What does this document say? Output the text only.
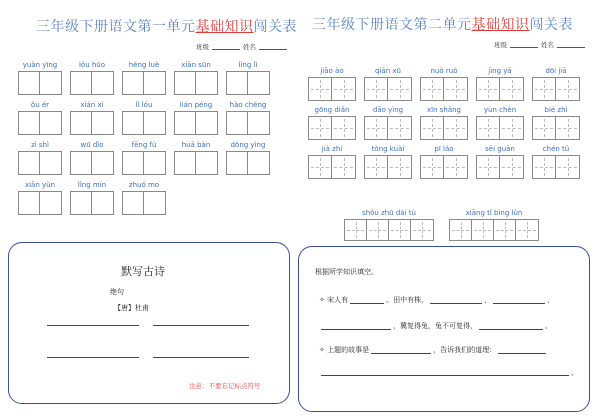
三年级下册语文第一单元基础知识闯关表
班级	姓名
yuàn yīng	lóu hūo	héng luè	xiān sūn	lìng lì
ǒu ér	xián xì	lǐ lóu	lián péng	hào chéng
zì shì	wū dǐo	fēng fù	huā bàn	dōng yìng
xiān yùn	lǐng mín	zhuó mo
三年级下册语文第二单元基础知识闯关表
班级	姓名
jiāo ào	qiān xū	nuò ruò	jìng yā	dōi jiā
gōng diǎn	dāo yìng	xīn shǎng	yùn chèn	bié zhì
jià zhí	tòng kuài	pī láo	sēi guān	chén tǔ
shǒu zhū dài tù	xiāng tǐ bìng lùn
默写古诗
绝句
【唐】杜甫
注意：不要忘记标点符号
根据所学知识填空。
✧ 宋人有	。田中有株，	，	，
，冀复得兔，兔不可复得，	。
✧ 上题的故事是	，告诉我们的道理：
。
